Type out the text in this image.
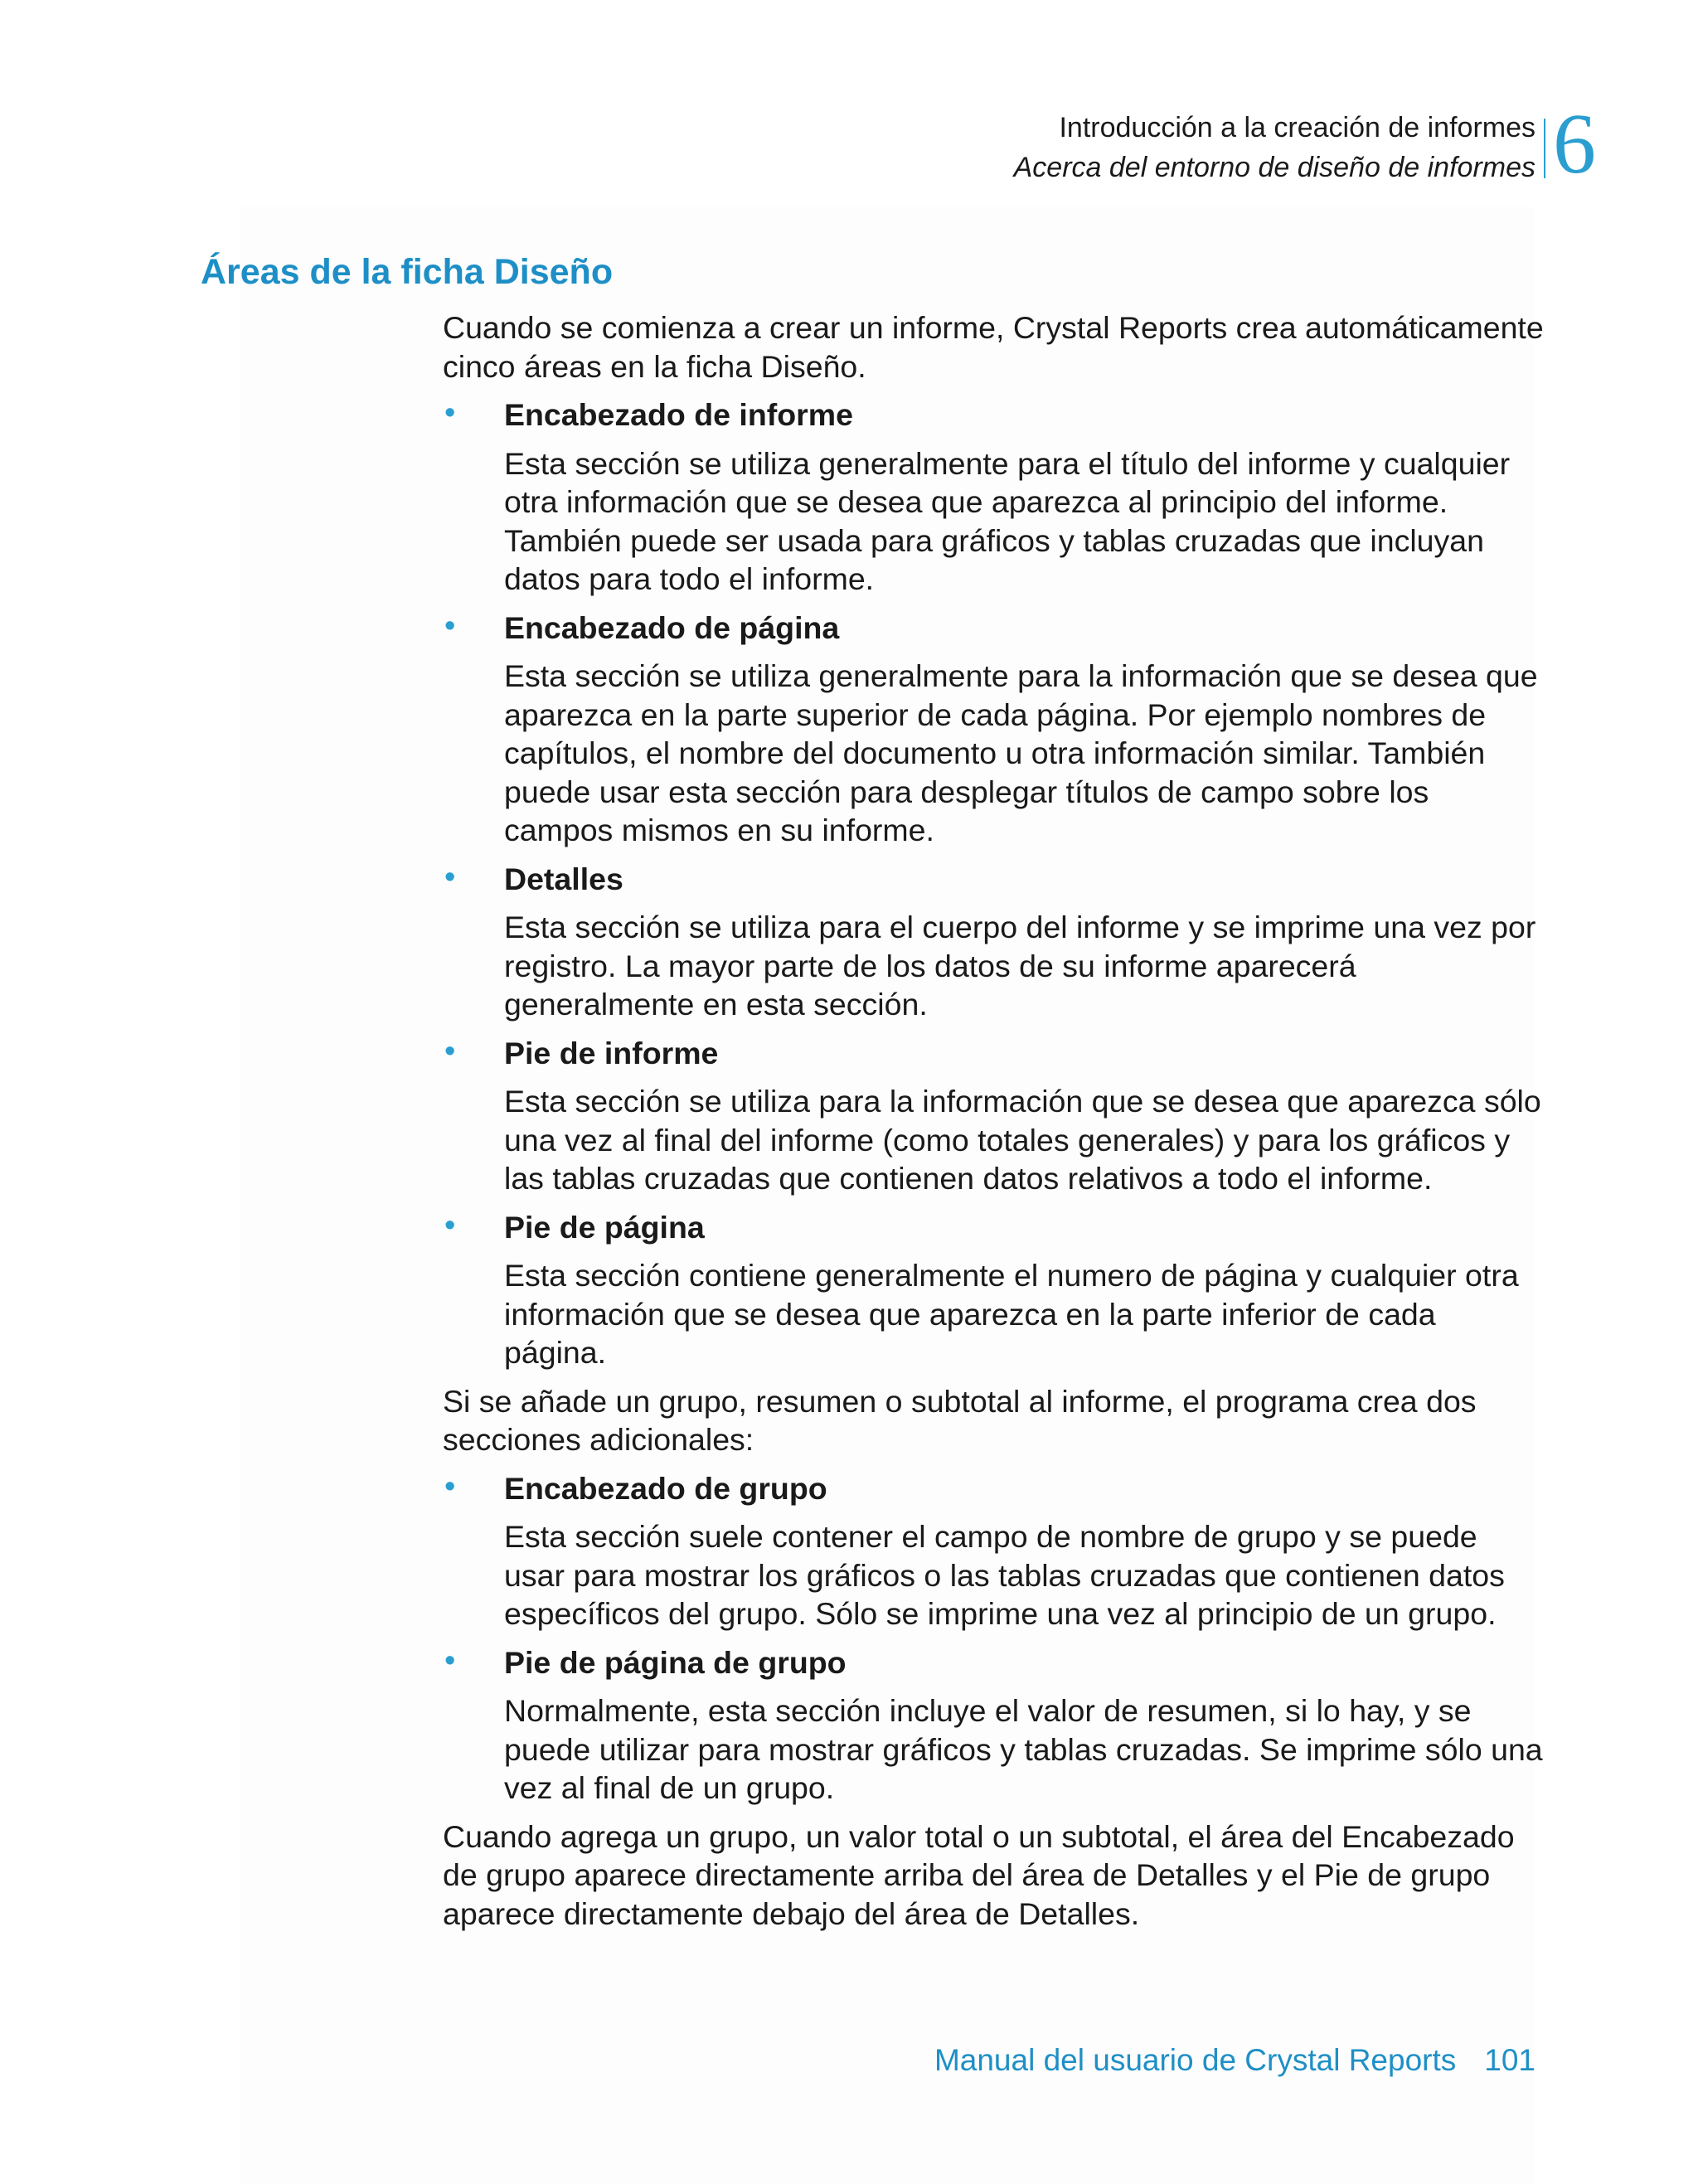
Introducción a la creación de informes
Acerca del entorno de diseño de informes 6
Áreas de la ficha Diseño

Cuando se comienza a crear un informe, Crystal Reports crea automáticamente cinco áreas en la ficha Diseño.

• Encabezado de informe
Esta sección se utiliza generalmente para el título del informe y cualquier otra información que se desea que aparezca al principio del informe. También puede ser usada para gráficos y tablas cruzadas que incluyan datos para todo el informe.
• Encabezado de página
Esta sección se utiliza generalmente para la información que se desea que aparezca en la parte superior de cada página. Por ejemplo nombres de capítulos, el nombre del documento u otra información similar. También puede usar esta sección para desplegar títulos de campo sobre los campos mismos en su informe.
• Detalles
Esta sección se utiliza para el cuerpo del informe y se imprime una vez por registro. La mayor parte de los datos de su informe aparecerá generalmente en esta sección.
• Pie de informe
Esta sección se utiliza para la información que se desea que aparezca sólo una vez al final del informe (como totales generales) y para los gráficos y las tablas cruzadas que contienen datos relativos a todo el informe.
• Pie de página
Esta sección contiene generalmente el numero de página y cualquier otra información que se desea que aparezca en la parte inferior de cada página.

Si se añade un grupo, resumen o subtotal al informe, el programa crea dos secciones adicionales:

• Encabezado de grupo
Esta sección suele contener el campo de nombre de grupo y se puede usar para mostrar los gráficos o las tablas cruzadas que contienen datos específicos del grupo. Sólo se imprime una vez al principio de un grupo.
• Pie de página de grupo
Normalmente, esta sección incluye el valor de resumen, si lo hay, y se puede utilizar para mostrar gráficos y tablas cruzadas. Se imprime sólo una vez al final de un grupo.

Cuando agrega un grupo, un valor total o un subtotal, el área del Encabezado de grupo aparece directamente arriba del área de Detalles y el Pie de grupo aparece directamente debajo del área de Detalles.

Manual del usuario de Crystal Reports 101
